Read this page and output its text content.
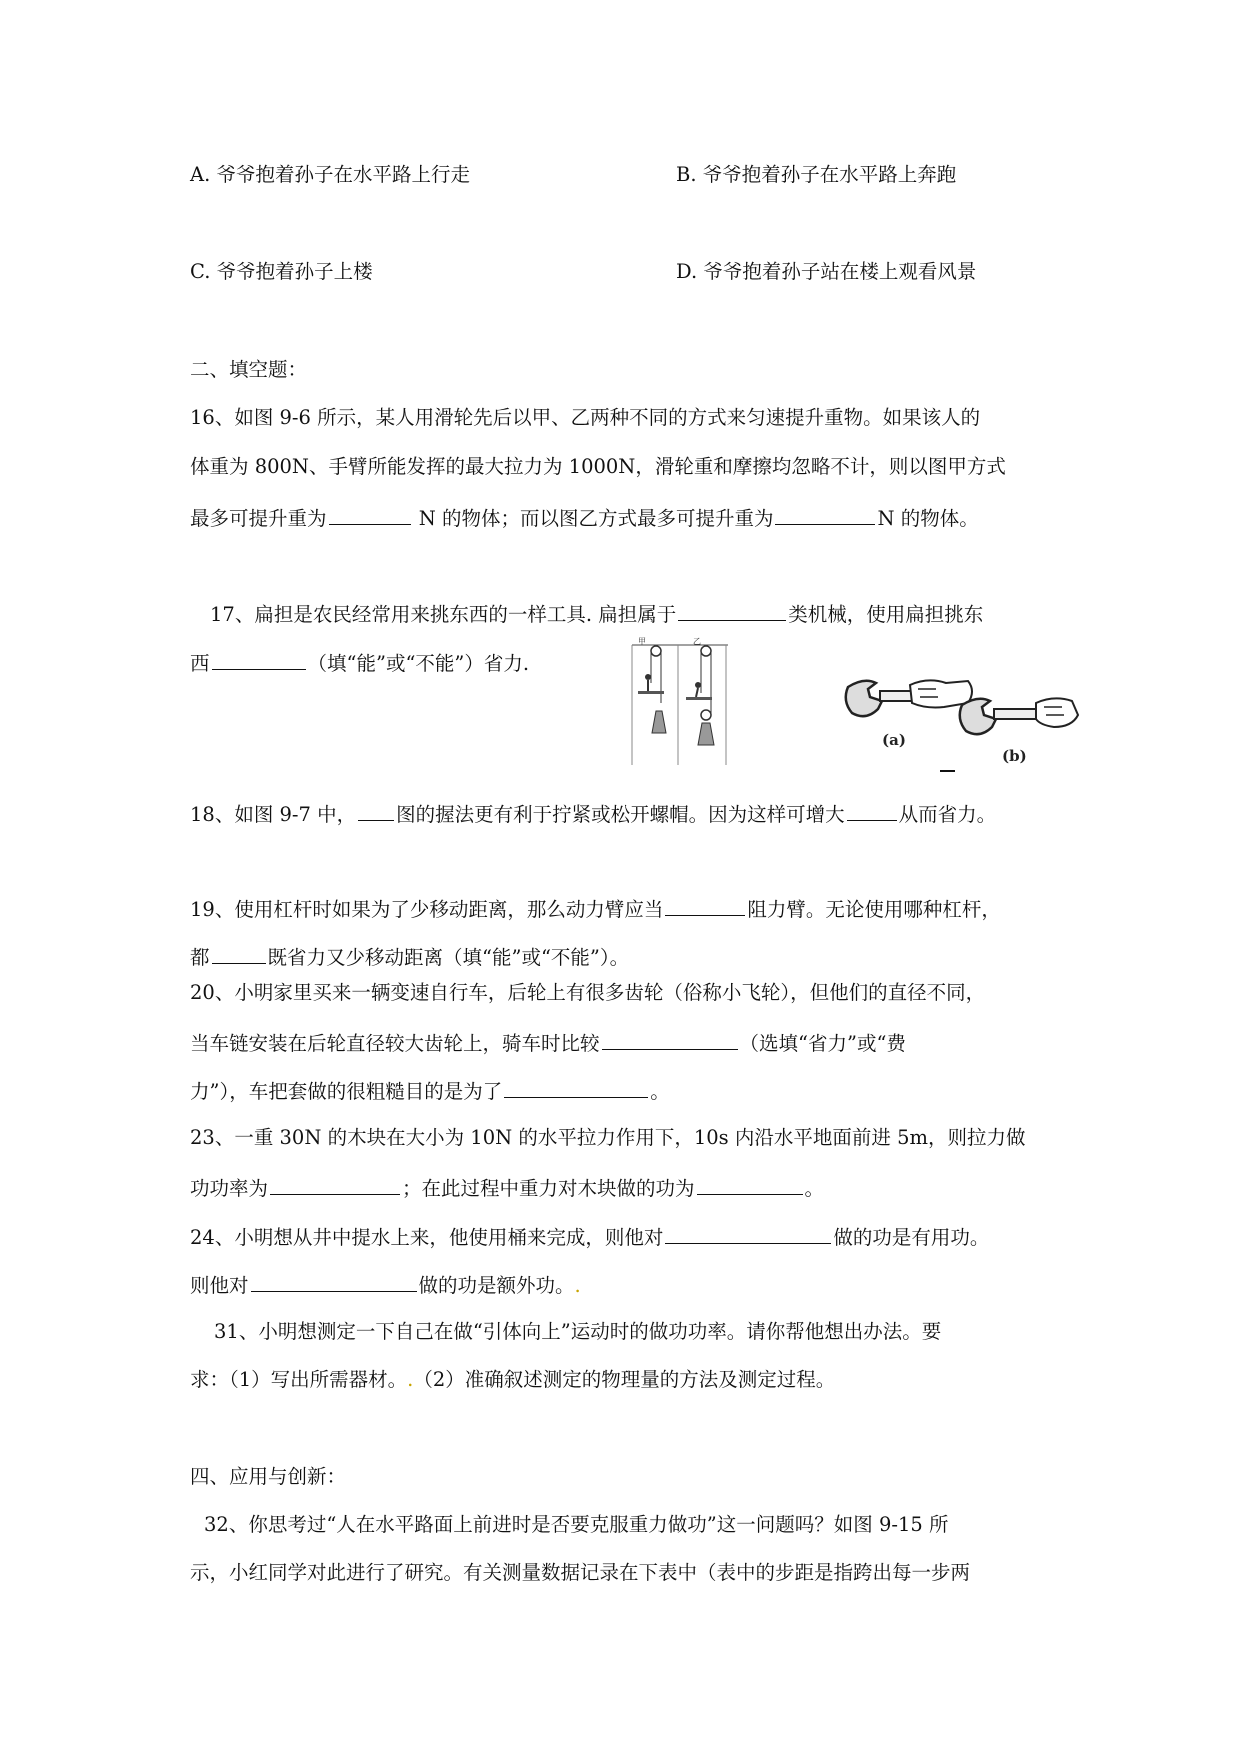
A. 爷爷抱着孙子在水平路上行走	B. 爷爷抱着孙子在水平路上奔跑
C. 爷爷抱着孙子上楼	D. 爷爷抱着孙子站在楼上观看风景
二、填空题：
16、如图 9-6 所示，某人用滑轮先后以甲、乙两种不同的方式来匀速提升重物。如果该人的
体重为 800N、手臂所能发挥的最大拉力为 1000N，滑轮重和摩擦均忽略不计，则以图甲方式
最多可提升重为	N 的物体；而以图乙方式最多可提升重为	N 的物体。
17、扁担是农民经常用来挑东西的一样工具. 扁担属于	类机械，使用扁担挑东
西	（填“能”或“不能”）省力.
甲	乙
(a)
(b)
18、如图 9-7 中， 图的握法更有利于拧紧或松开螺帽。因为这样可增大	从而省力。
19、使用杠杆时如果为了少移动距离，那么动力臂应当	阻力臂。无论使用哪种杠杆，
都	既省力又少移动距离（填“能”或“不能”）。
20、小明家里买来一辆变速自行车，后轮上有很多齿轮（俗称小飞轮），但他们的直径不同，
当车链安装在后轮直径较大齿轮上，骑车时比较	（选填“省力”或“费
力”），车把套做的很粗糙目的是为了	。
23、一重 30N 的木块在大小为 10N 的水平拉力作用下，10s 内沿水平地面前进 5m，则拉力做
功功率为	；在此过程中重力对木块做的功为	。
24、小明想从井中提水上来，他使用桶来完成，则他对	做的功是有用功。
则他对	做的功是额外功。.
31、小明想测定一下自己在做“引体向上”运动时的做功功率。请你帮他想出办法。要
求：（1）写出所需器材。.（2）准确叙述测定的物理量的方法及测定过程。
四、应用与创新：
32、你思考过“人在水平路面上前进时是否要克服重力做功”这一问题吗？如图 9-15 所
示，小红同学对此进行了研究。有关测量数据记录在下表中（表中的步距是指跨出每一步两
